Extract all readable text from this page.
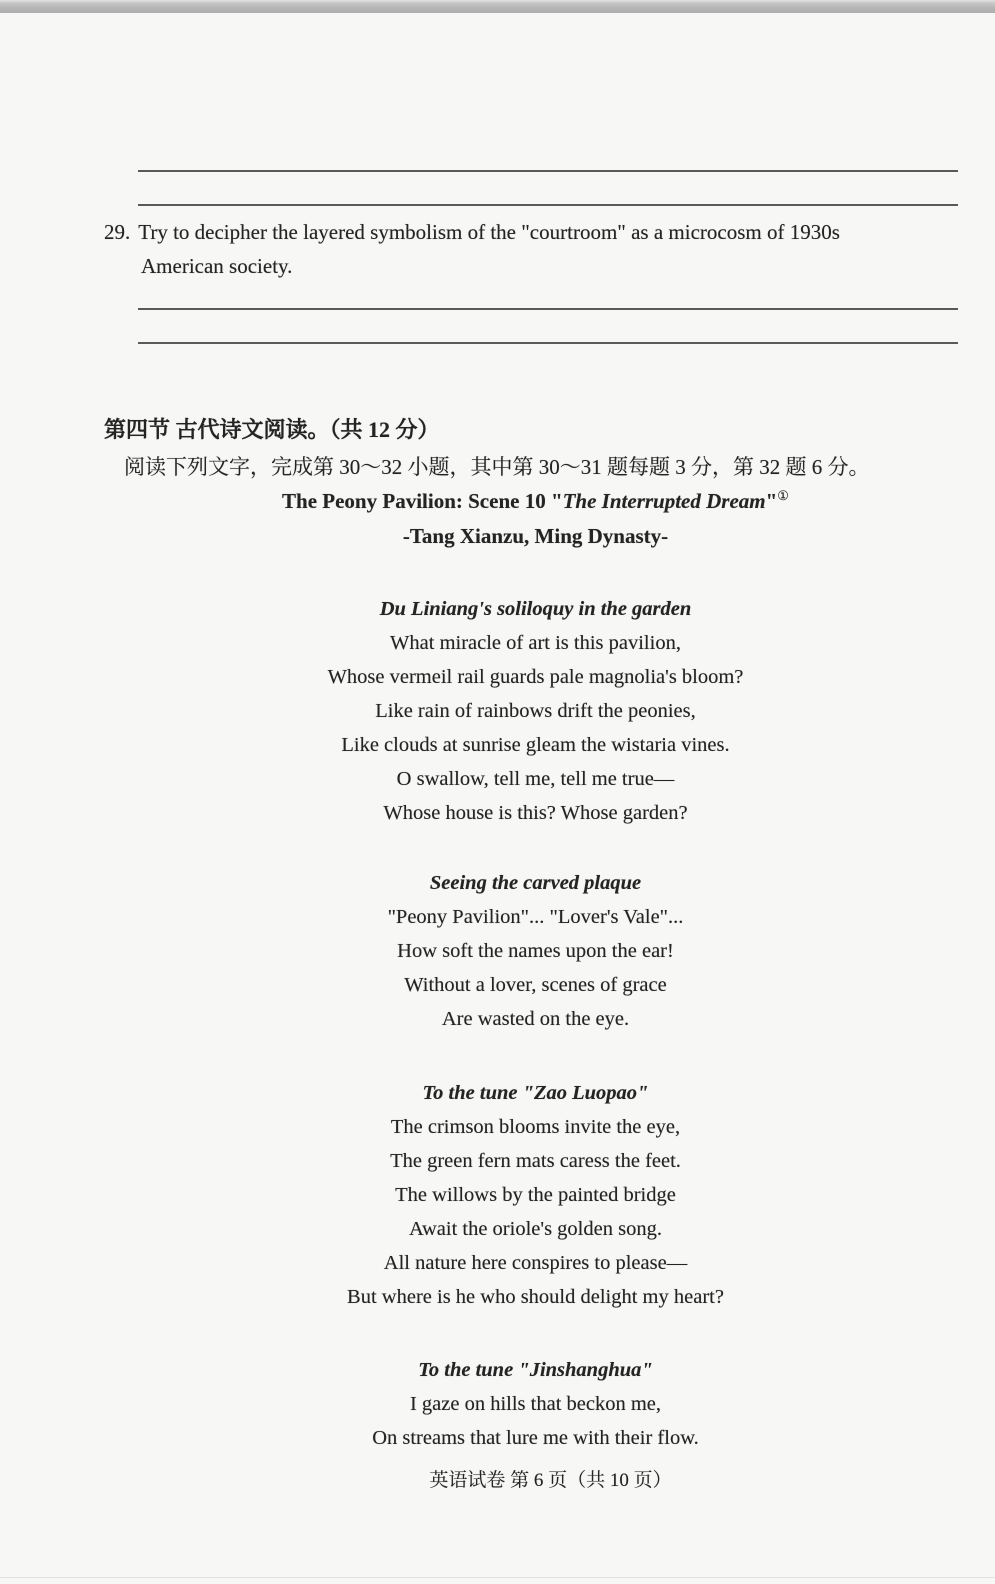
29. Try to decipher the layered symbolism of the "courtroom" as a microcosm of 1930s
American society.
第四节 古代诗文阅读。（共 12 分）
阅读下列文字，完成第 30～32 小题，其中第 30～31 题每题 3 分，第 32 题 6 分。
The Peony Pavilion: Scene 10 "The Interrupted Dream"①
-Tang Xianzu, Ming Dynasty-
Du Liniang's soliloquy in the garden
What miracle of art is this pavilion,
Whose vermeil rail guards pale magnolia's bloom?
Like rain of rainbows drift the peonies,
Like clouds at sunrise gleam the wistaria vines.
O swallow, tell me, tell me true—
Whose house is this? Whose garden?
Seeing the carved plaque
"Peony Pavilion"... "Lover's Vale"...
How soft the names upon the ear!
Without a lover, scenes of grace
Are wasted on the eye.
To the tune "Zao Luopao"
The crimson blooms invite the eye,
The green fern mats caress the feet.
The willows by the painted bridge
Await the oriole's golden song.
All nature here conspires to please—
But where is he who should delight my heart?
To the tune "Jinshanghua"
I gaze on hills that beckon me,
On streams that lure me with their flow.
英语试卷 第 6 页（共 10 页）
